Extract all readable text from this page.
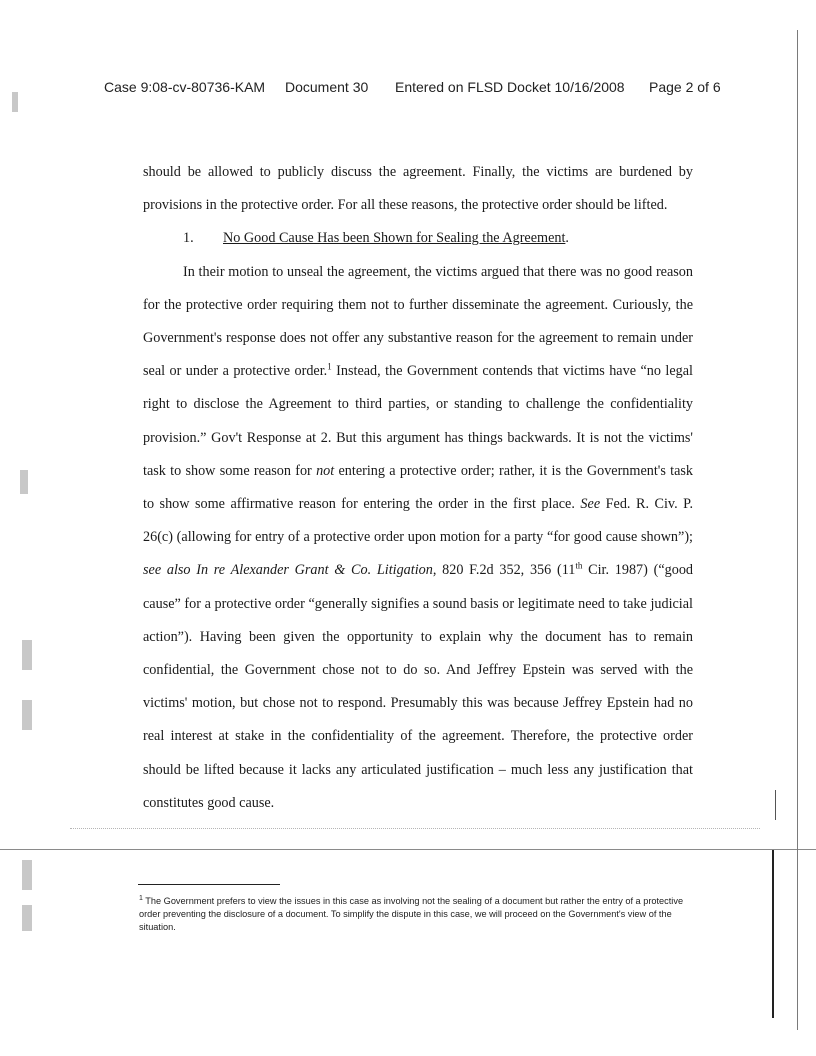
Case 9:08-cv-80736-KAM Document 30 Entered on FLSD Docket 10/16/2008 Page 2 of 6

should be allowed to publicly discuss the agreement. Finally, the victims are burdened by provisions in the protective order. For all these reasons, the protective order should be lifted.

1. No Good Cause Has been Shown for Sealing the Agreement.

In their motion to unseal the agreement, the victims argued that there was no good reason for the protective order requiring them not to further disseminate the agreement. Curiously, the Government's response does not offer any substantive reason for the agreement to remain under seal or under a protective order.$^1$ Instead, the Government contends that victims have “no legal right to disclose the Agreement to third parties, or standing to challenge the confidentiality provision.” Gov't Response at 2. But this argument has things backwards. It is not the victims' task to show some reason for not entering a protective order; rather, it is the Government's task to show some affirmative reason for entering the order in the first place. See Fed. R. Civ. P. 26(c) (allowing for entry of a protective order upon motion for a party “for good cause shown”); see also In re Alexander Grant & Co. Litigation, 820 F.2d 352, 356 (11th Cir. 1987) (“good cause” for a protective order “generally signifies a sound basis or legitimate need to take judicial action”). Having been given the opportunity to explain why the document has to remain confidential, the Government chose not to do so. And Jeffrey Epstein was served with the victims' motion, but chose not to respond. Presumably this was because Jeffrey Epstein had no real interest at stake in the confidentiality of the agreement. Therefore, the protective order should be lifted because it lacks any articulated justification – much less any justification that constitutes good cause.

$^1$ The Government prefers to view the issues in this case as involving not the sealing of a document but rather the entry of a protective order preventing the disclosure of a document. To simplify the dispute in this case, we will proceed on the Government's view of the situation.
